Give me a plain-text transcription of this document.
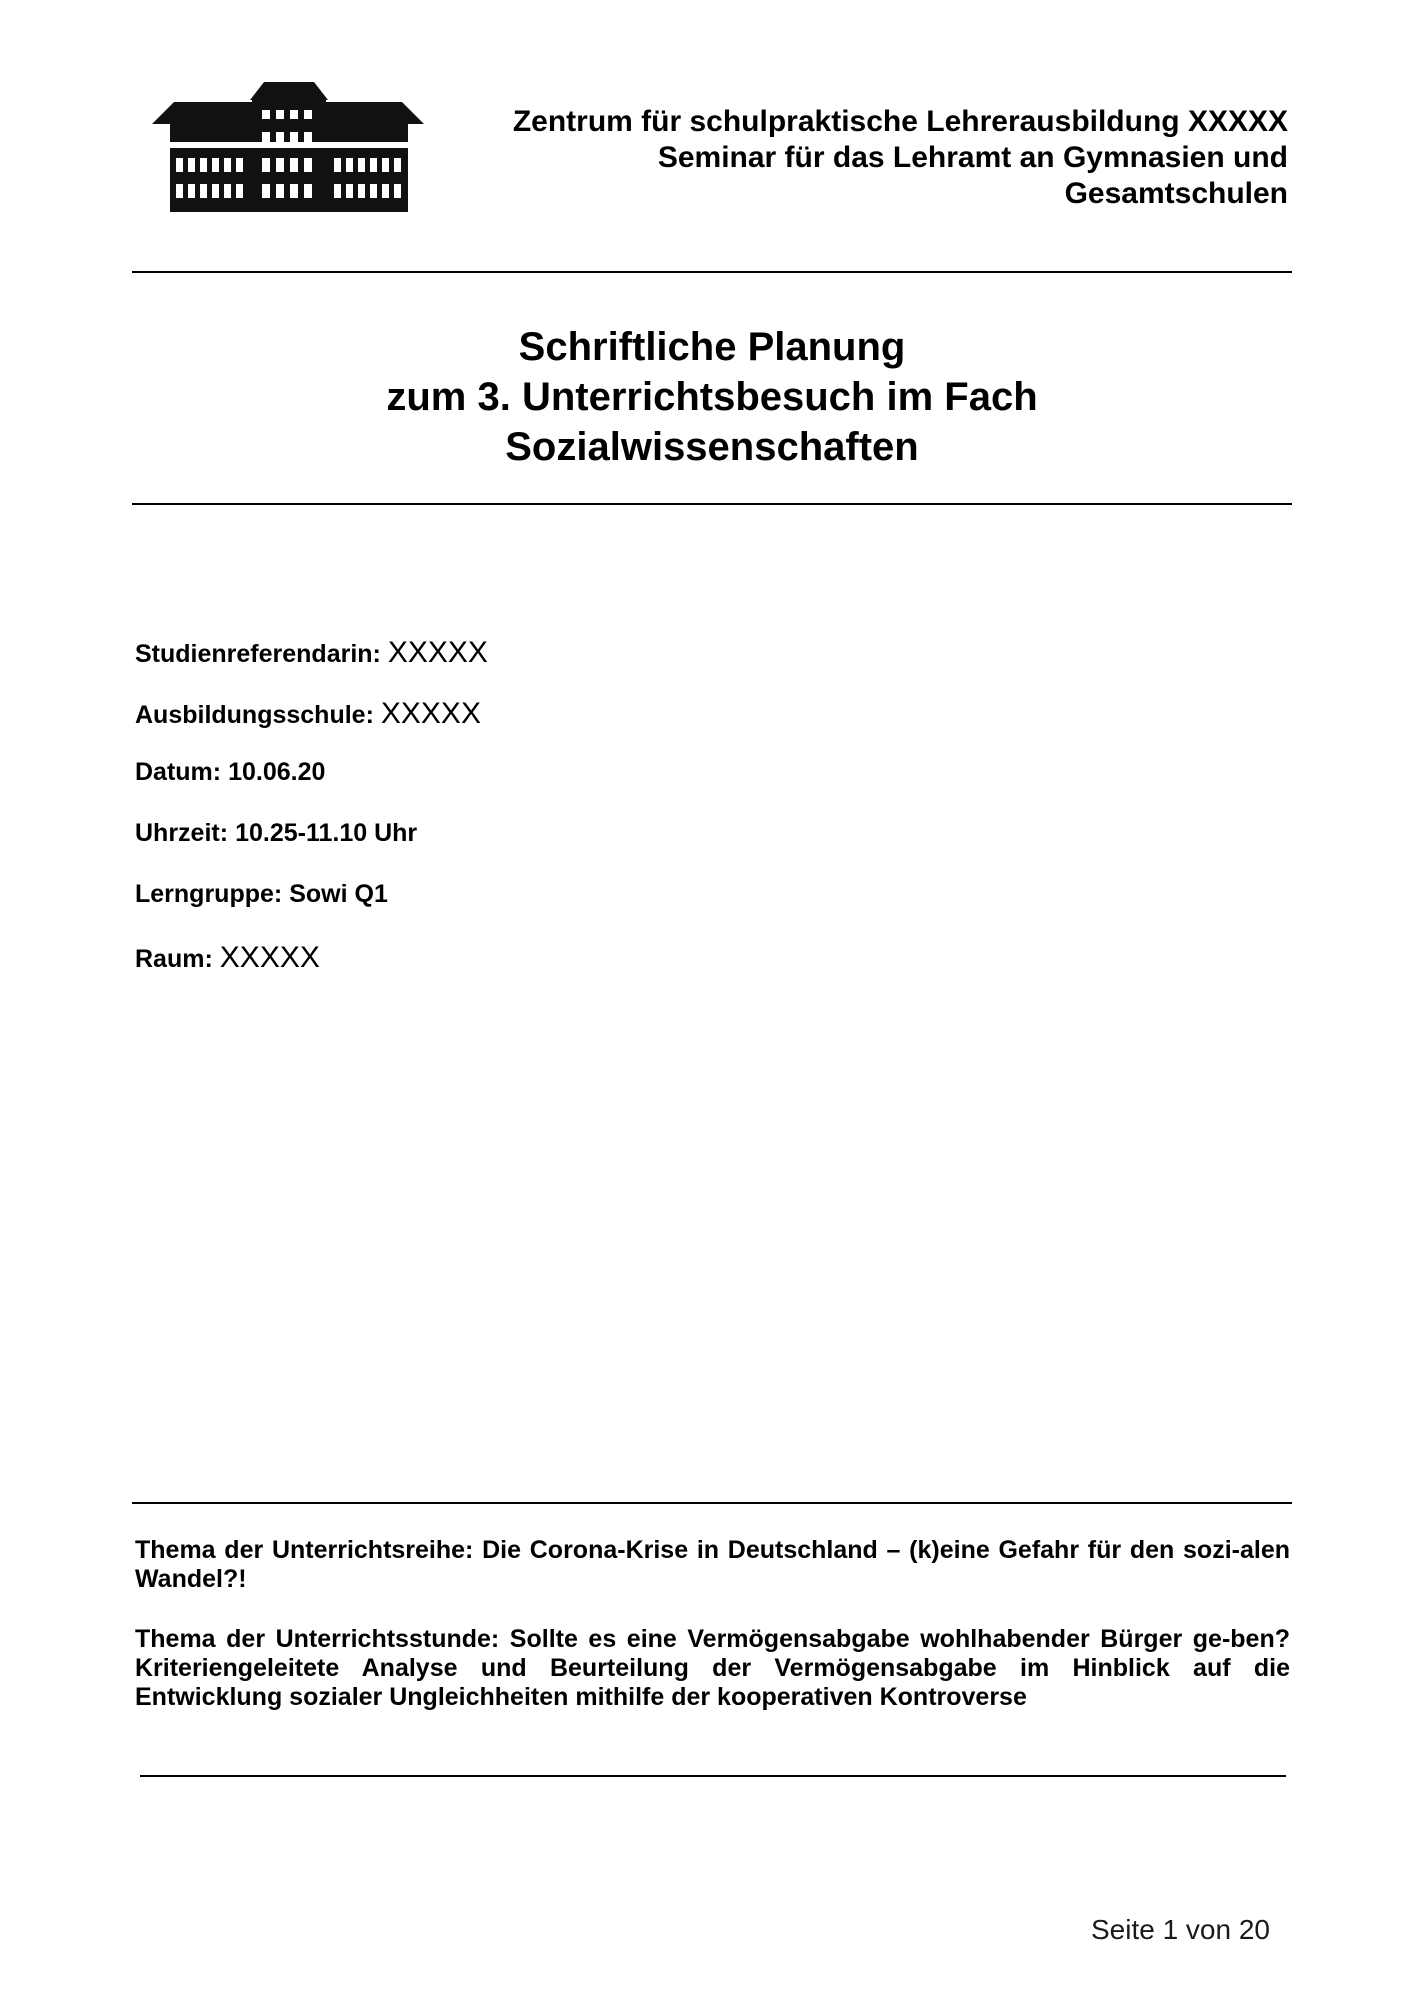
Zentrum für schulpraktische Lehrerausbildung XXXXX
Seminar für das Lehramt an Gymnasien und
Gesamtschulen
Schriftliche Planung
zum 3. Unterrichtsbesuch im Fach
Sozialwissenschaften
Studienreferendarin: XXXXX
Ausbildungsschule: XXXXX
Datum: 10.06.20
Uhrzeit: 10.25-11.10 Uhr
Lerngruppe: Sowi Q1
Raum: XXXXX
Thema der Unterrichtsreihe: Die Corona-Krise in Deutschland – (k)eine Gefahr für den sozi-alen Wandel?!
Thema der Unterrichtsstunde: Sollte es eine Vermögensabgabe wohlhabender Bürger ge-ben? Kriteriengeleitete Analyse und Beurteilung der Vermögensabgabe im Hinblick auf die Entwicklung sozialer Ungleichheiten mithilfe der kooperativen Kontroverse
Seite 1 von 20
